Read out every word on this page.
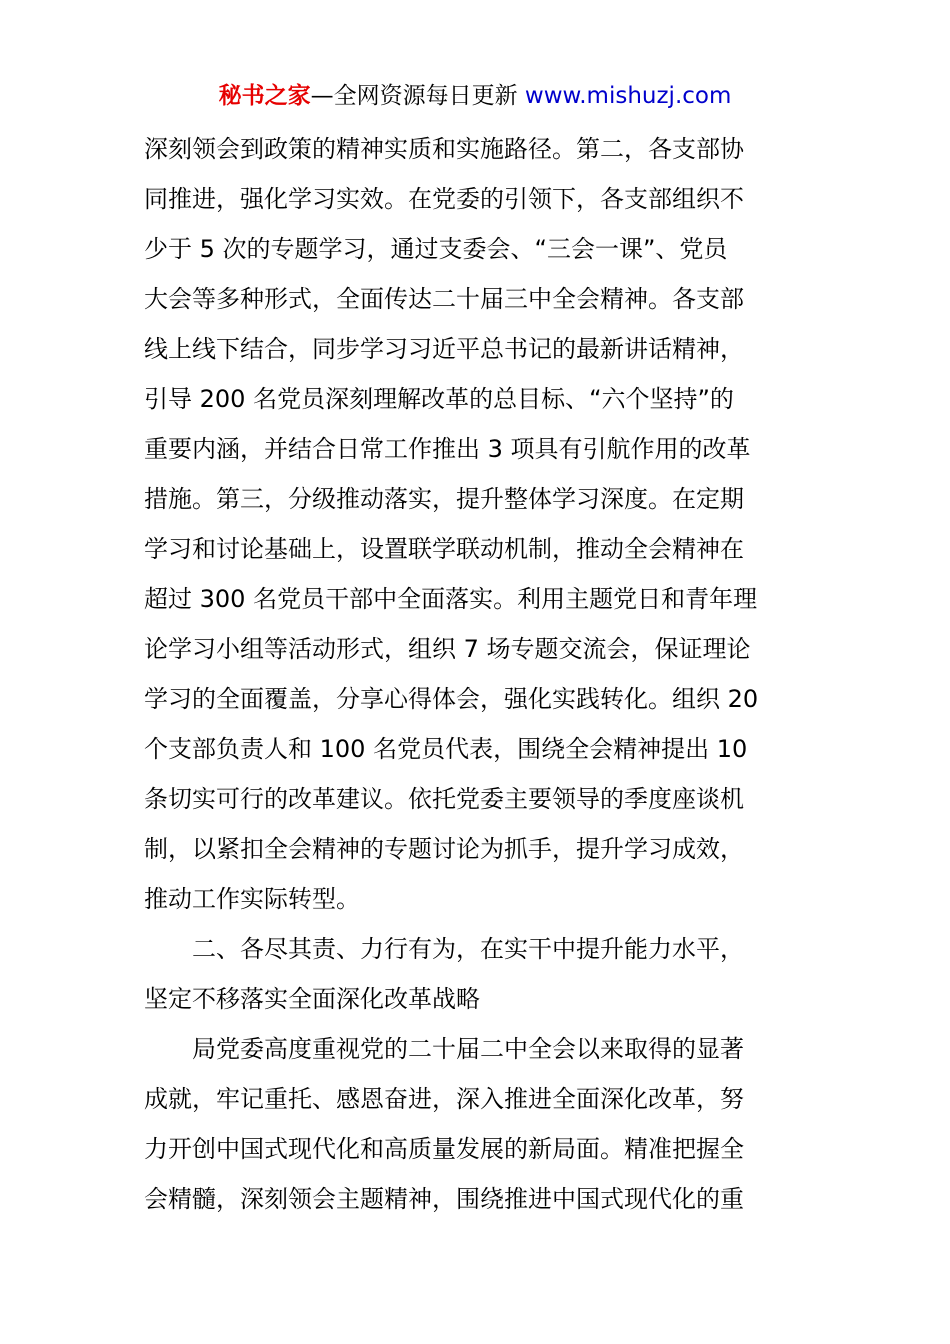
秘书之家—全网资源每日更新 www.mishuzj.com
深刻领会到政策的精神实质和实施路径。第二，各支部协
同推进，强化学习实效。在党委的引领下，各支部组织不
少于 5 次的专题学习，通过支委会、“三会一课”、党员
大会等多种形式，全面传达二十届三中全会精神。各支部
线上线下结合，同步学习习近平总书记的最新讲话精神，
引导 200 名党员深刻理解改革的总目标、“六个坚持”的
重要内涵，并结合日常工作推出 3 项具有引航作用的改革
措施。第三，分级推动落实，提升整体学习深度。在定期
学习和讨论基础上，设置联学联动机制，推动全会精神在
超过 300 名党员干部中全面落实。利用主题党日和青年理
论学习小组等活动形式，组织 7 场专题交流会，保证理论
学习的全面覆盖，分享心得体会，强化实践转化。组织 20
个支部负责人和 100 名党员代表，围绕全会精神提出 10
条切实可行的改革建议。依托党委主要领导的季度座谈机
制，以紧扣全会精神的专题讨论为抓手，提升学习成效，
推动工作实际转型。
二、各尽其责、力行有为，在实干中提升能力水平，
坚定不移落实全面深化改革战略
局党委高度重视党的二十届二中全会以来取得的显著
成就，牢记重托、感恩奋进，深入推进全面深化改革，努
力开创中国式现代化和高质量发展的新局面。精准把握全
会精髓，深刻领会主题精神，围绕推进中国式现代化的重
